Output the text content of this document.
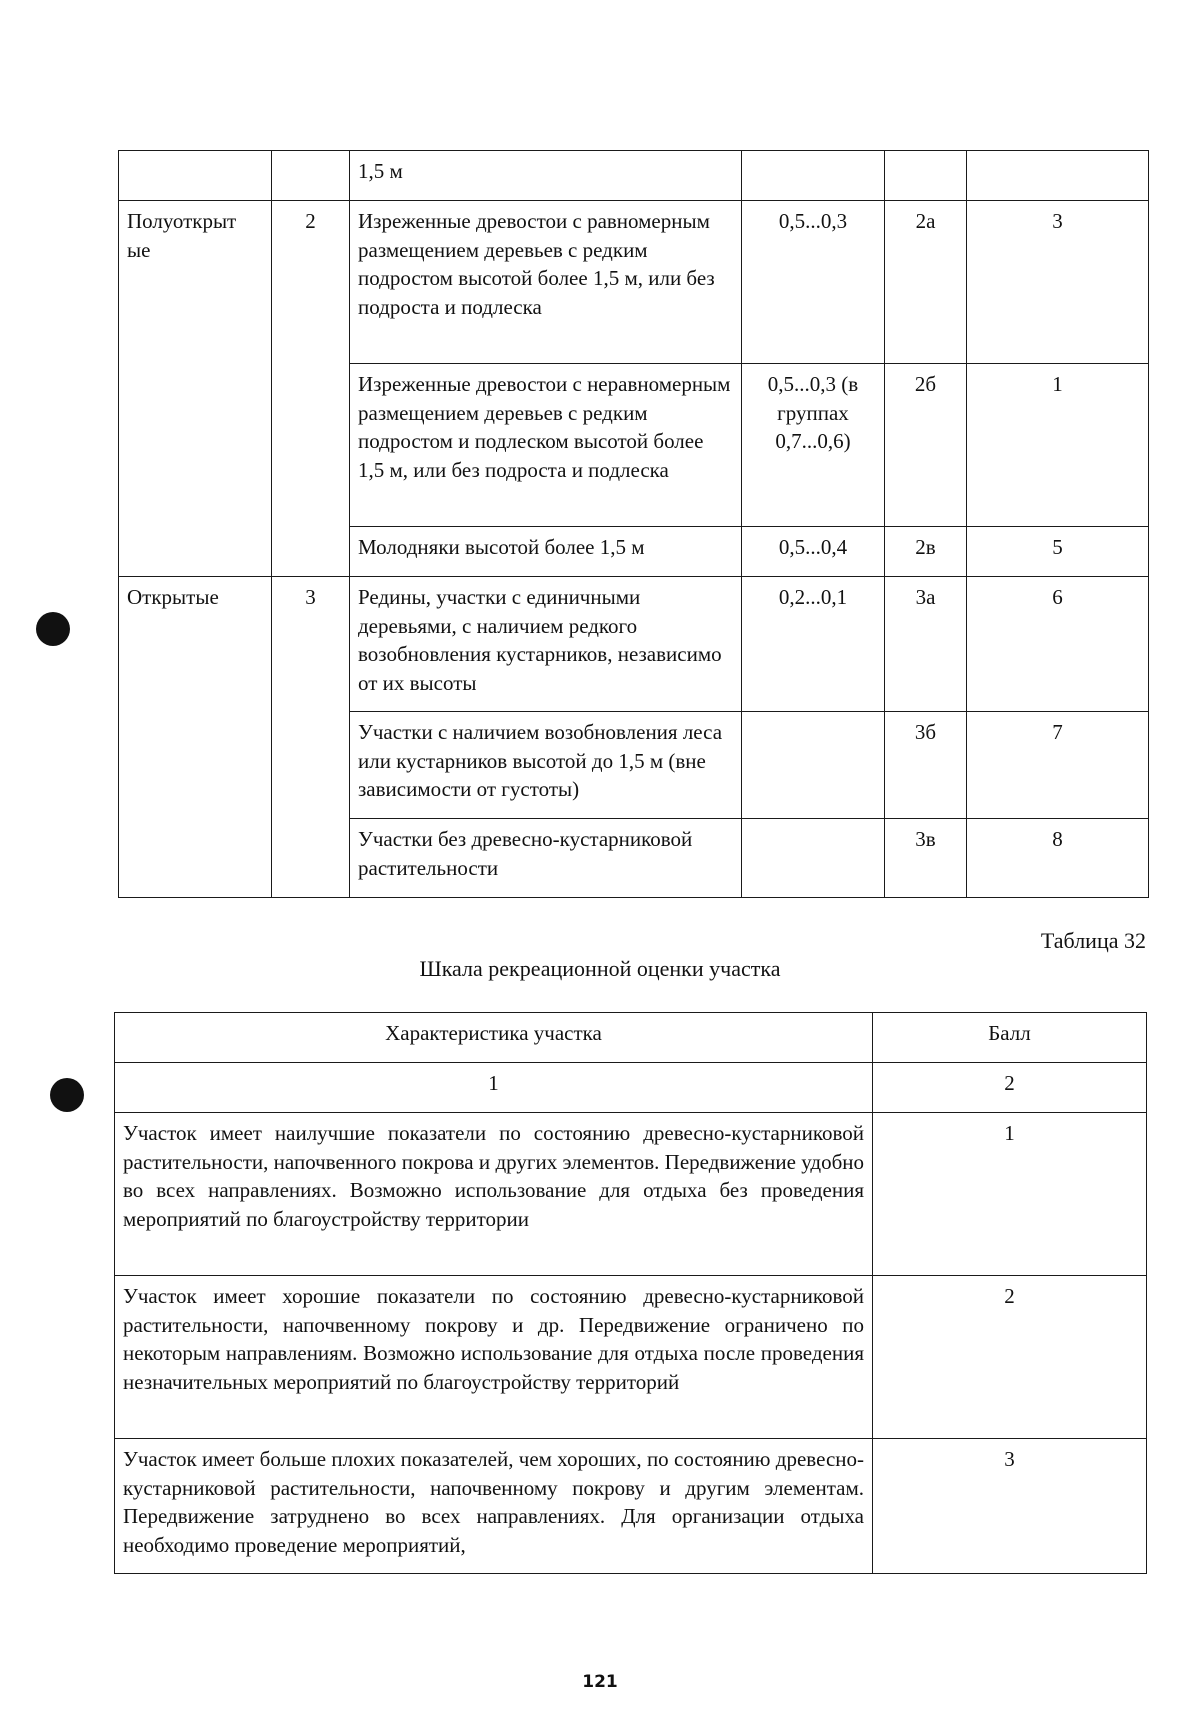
		1,5 м			
Полуоткрыт ые	2	Изреженные древостои с равномерным размещением деревьев с редким подростом высотой более 1,5 м, или без подроста и подлеска	0,5...0,3	2а	3
		Изреженные древостои с неравномерным размещением деревьев с редким подростом и подлеском высотой более 1,5 м, или без подроста и подлеска	0,5...0,3 (в группах 0,7...0,6)	2б	1
		Молодняки высотой более 1,5 м	0,5...0,4	2в	5
Открытые	3	Редины, участки с единичными деревьями, с наличием редкого возобновления кустарников, независимо от их высоты	0,2...0,1	3а	6
		Участки с наличием возобновления леса или кустарников высотой до 1,5 м (вне зависимости от густоты)		3б	7
		Участки без древесно-кустарниковой растительности		3в	8
Таблица 32
Шкала рекреационной оценки участка
Характеристика участка	Балл
1	2
Участок имеет наилучшие показатели по состоянию древесно-кустарниковой растительности, напочвенного покрова и других элементов. Передвижение удобно во всех направлениях. Возможно использование для отдыха без проведения мероприятий по благоустройству территории	1
Участок имеет хорошие показатели по состоянию древесно-кустарниковой растительности, напочвенному покрову и др. Передвижение ограничено по некоторым направлениям. Возможно использование для отдыха после проведения незначительных мероприятий по благоустройству территорий	2
Участок имеет больше плохих показателей, чем хороших, по состоянию древесно-кустарниковой растительности, напочвенному покрову и другим элементам. Передвижение затруднено во всех направлениях. Для организации отдыха необходимо проведение мероприятий,	3
121
